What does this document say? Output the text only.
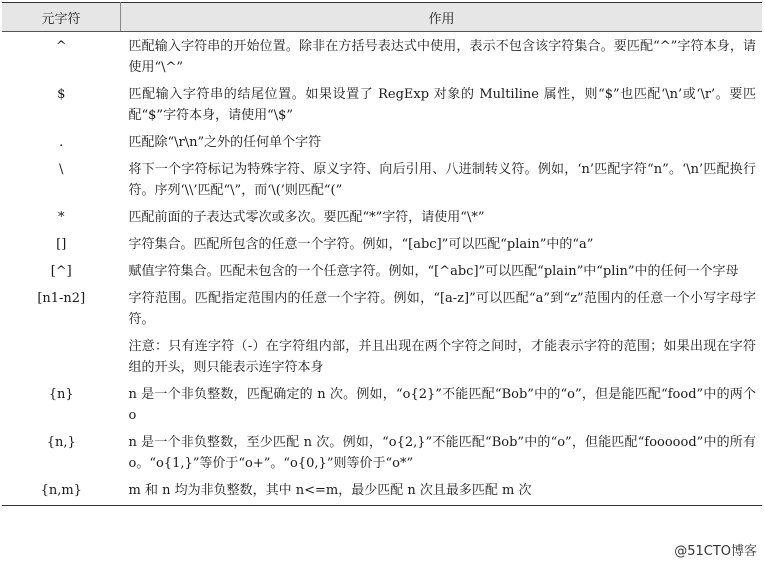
元字符	作用
^	匹配输入字符串的开始位置。除非在方括号表达式中使用，表示不包含该字符集合。要匹配“^”字符本身，请使用“\^”
$	匹配输入字符串的结尾位置。如果设置了 RegExp 对象的 Multiline 属性，则“$”也匹配‘\n’或‘\r’。要匹配“$”字符本身，请使用“\$”
.	匹配除“\r\n”之外的任何单个字符
\	将下一个字符标记为特殊字符、原义字符、向后引用、八进制转义符。例如，‘n’匹配字符“n”。‘\n’匹配换行符。序列‘\\’匹配“\”，而‘\(’则匹配“(”
*	匹配前面的子表达式零次或多次。要匹配“*”字符，请使用“\*”
[]	字符集合。匹配所包含的任意一个字符。例如，“[abc]”可以匹配“plain”中的“a”
[^]	赋值字符集合。匹配未包含的一个任意字符。例如，“[^abc]”可以匹配“plain”中“plin”中的任何一个字母
[n1-n2]	字符范围。匹配指定范围内的任意一个字符。例如，“[a-z]”可以匹配“a”到“z”范围内的任意一个小写字母字符。
	注意：只有连字符（-）在字符组内部，并且出现在两个字符之间时，才能表示字符的范围；如果出现在字符组的开头，则只能表示连字符本身
{n}	n 是一个非负整数，匹配确定的 n 次。例如，“o{2}”不能匹配“Bob”中的“o”，但是能匹配“food”中的两个 o
{n,}	n 是一个非负整数，至少匹配 n 次。例如，“o{2,}”不能匹配“Bob”中的“o”，但能匹配“foooood”中的所有 o。“o{1,}”等价于“o+”。“o{0,}”则等价于“o*”
{n,m}	m 和 n 均为非负整数，其中 n<=m，最少匹配 n 次且最多匹配 m 次
@51CTO博客
